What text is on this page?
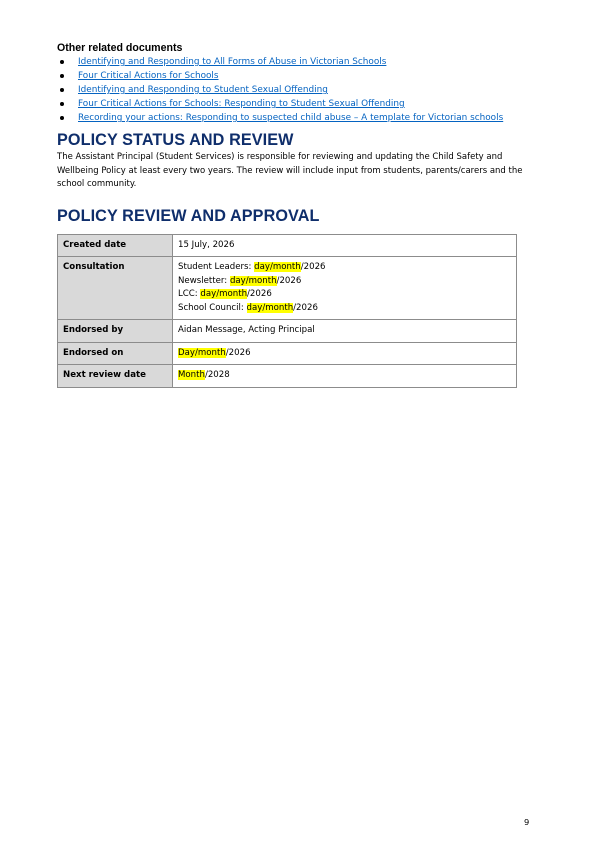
Other related documents
Identifying and Responding to All Forms of Abuse in Victorian Schools
Four Critical Actions for Schools
Identifying and Responding to Student Sexual Offending
Four Critical Actions for Schools: Responding to Student Sexual Offending
Recording your actions: Responding to suspected child abuse – A template for Victorian schools
POLICY STATUS AND REVIEW

The Assistant Principal (Student Services) is responsible for reviewing and updating the Child Safety and Wellbeing Policy at least every two years. The review will include input from students, parents/carers and the school community.

POLICY REVIEW AND APPROVAL
Created date	15 July, 2026
Consultation	Student Leaders: day/month/2026
Newsletter: day/month/2026
LCC: day/month/2026
School Council: day/month/2026

Endorsed by	Aidan Message, Acting Principal
Endorsed on	Day/month/2026
Next review date	Month/2028
9
